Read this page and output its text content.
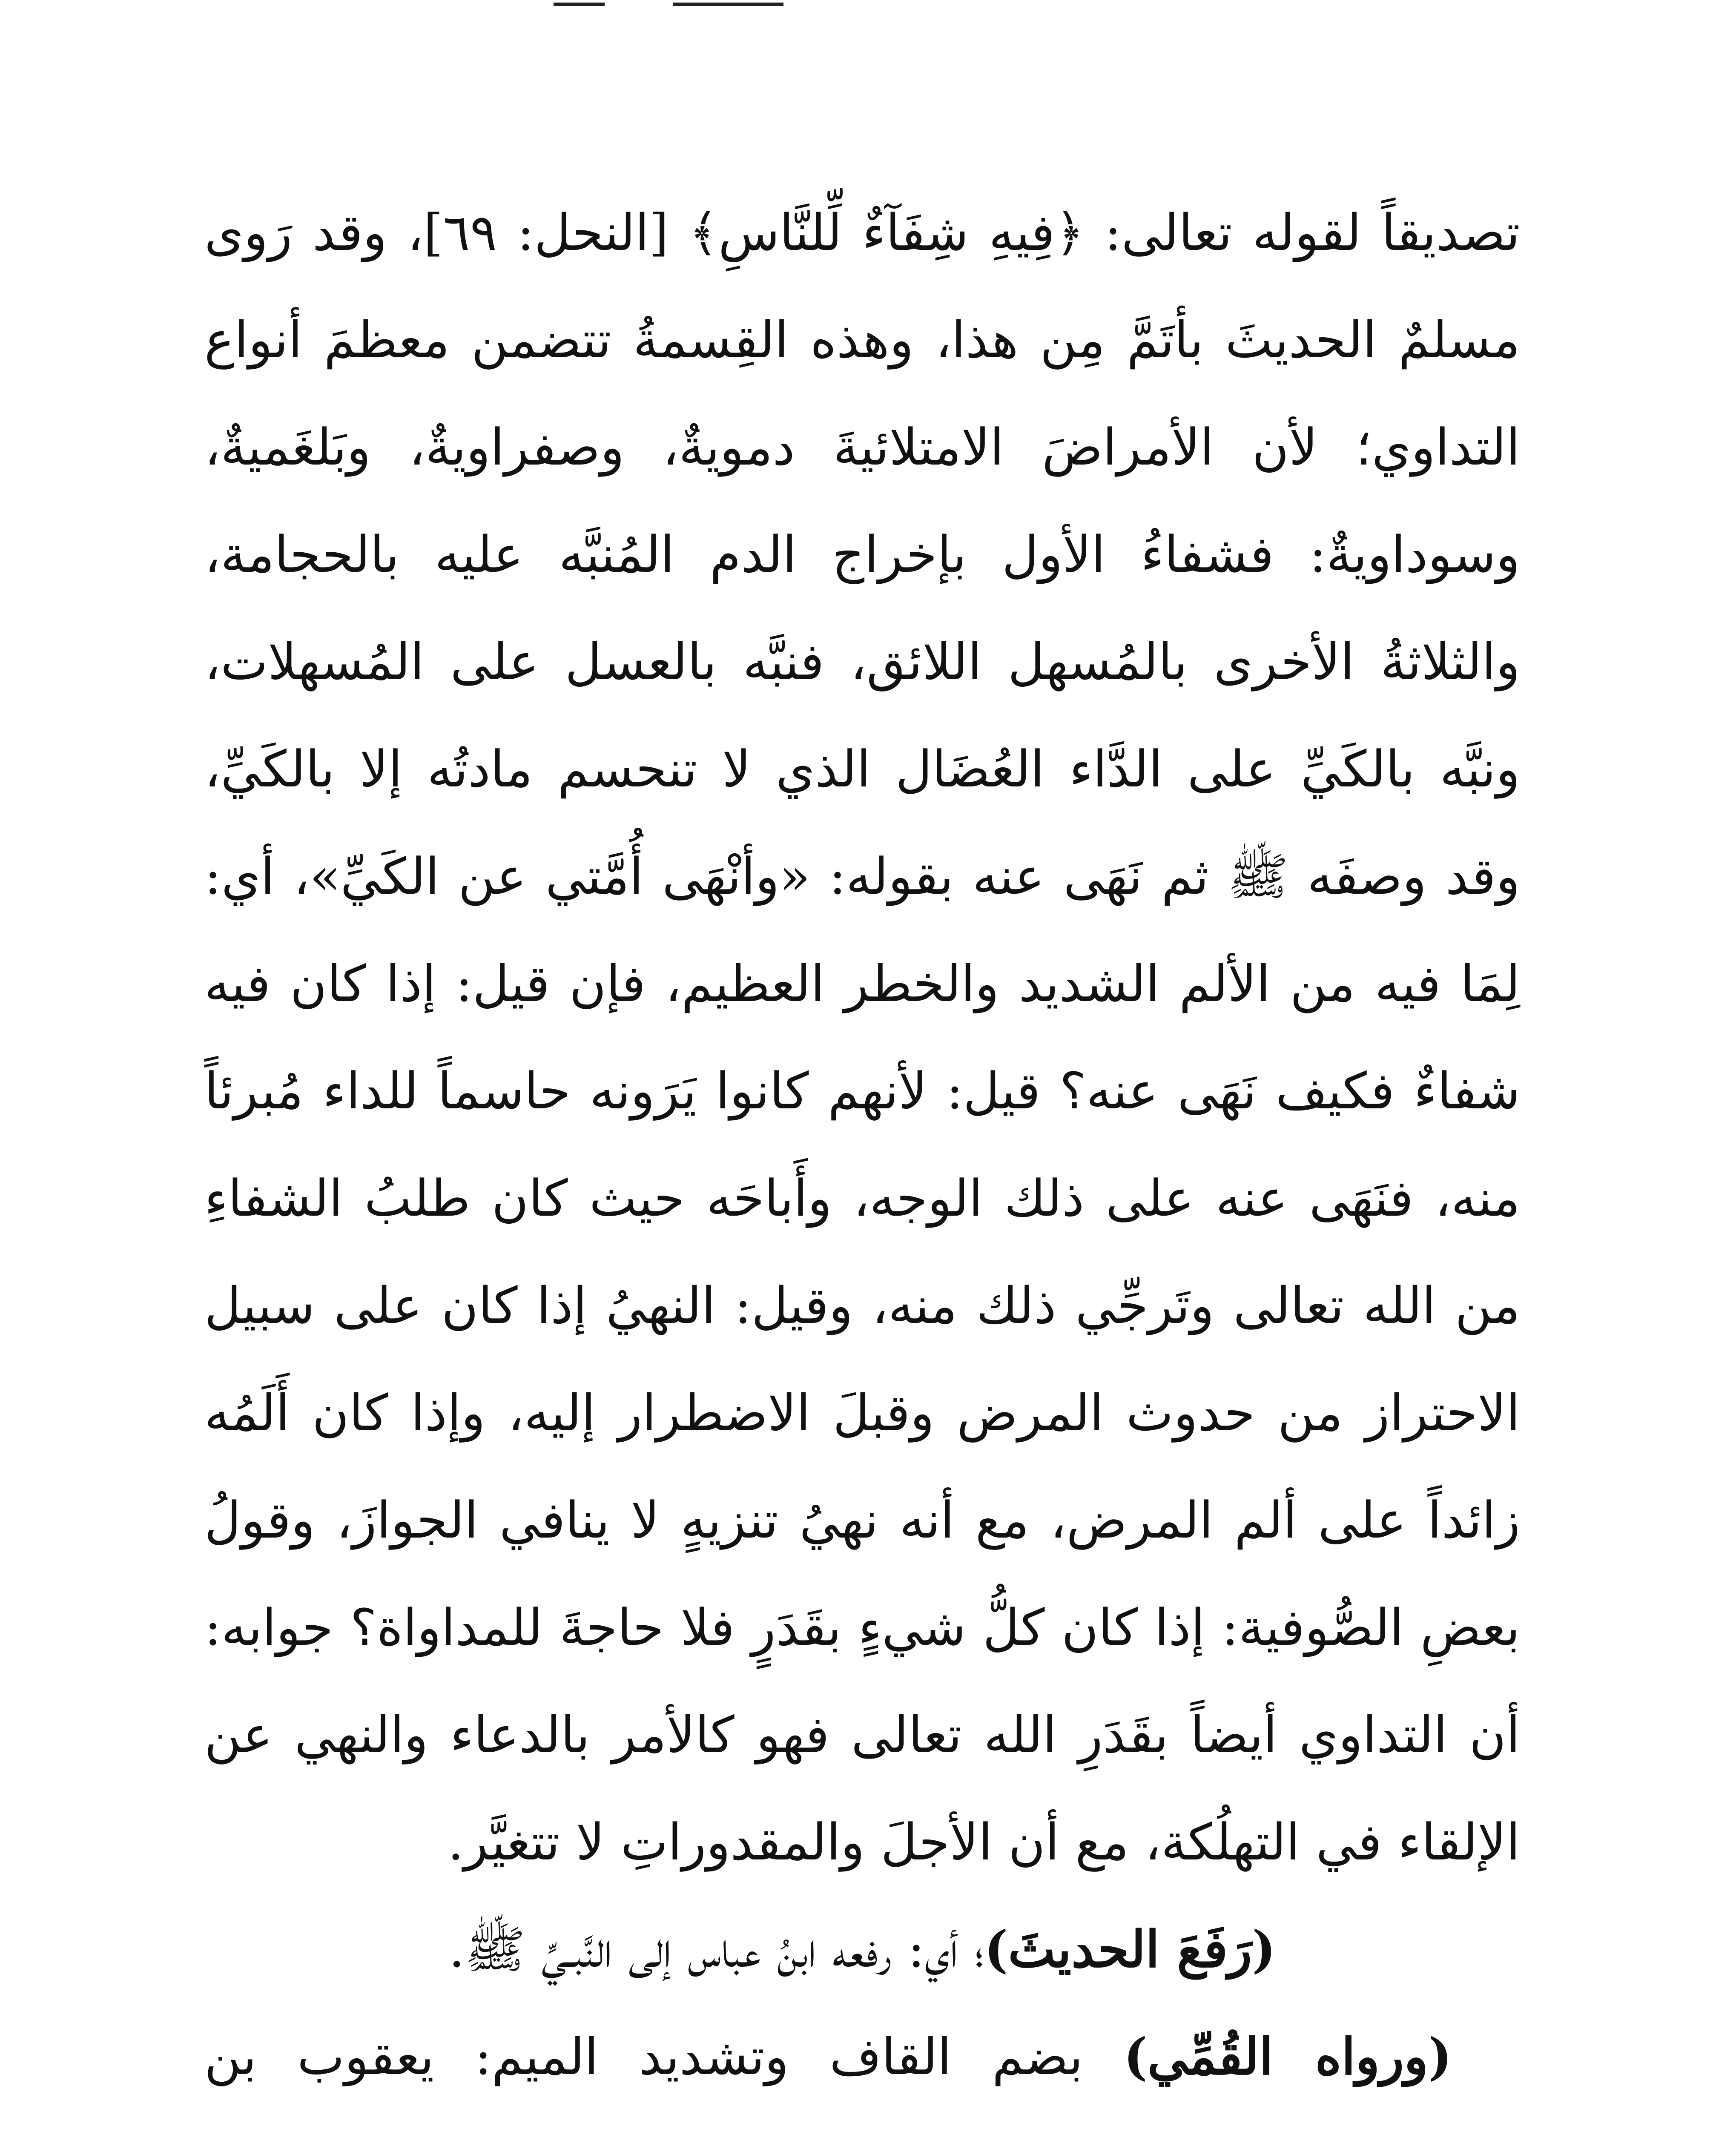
تصديقاً لقوله تعالى: ﴿فِيهِ شِفَآءٌ لِّلنَّاسِ﴾ [النحل: ٦٩]، وقد رَوى مسلمٌ الحديثَ بأتَمَّ مِن هذا، وهذه القِسمةُ تتضمن معظمَ أنواع التداوي؛ لأن الأمراضَ الامتلائيةَ دمويةٌ، وصفراويةٌ، وبَلغَميةٌ، وسوداويةٌ: فشفاءُ الأول بإخراج الدم المُنبَّه عليه بالحجامة، والثلاثةُ الأخرى بالمُسهل اللائق، فنبَّه بالعسل على المُسهلات، ونبَّه بالكَيِّ على الدَّاء العُضَال الذي لا تنحسم مادتُه إلا بالكَيِّ، وقد وصفَه ﷺ ثم نَهَى عنه بقوله: «وأنْهَى أُمَّتي عن الكَيِّ»، أي: لِمَا فيه من الألم الشديد والخطر العظيم، فإن قيل: إذا كان فيه شفاءٌ فكيف نَهَى عنه؟ قيل: لأنهم كانوا يَرَونه حاسماً للداء مُبرئاً منه، فنَهَى عنه على ذلك الوجه، وأَباحَه حيث كان طلبُ الشفاءِ من الله تعالى وتَرجِّي ذلك منه، وقيل: النهيُ إذا كان على سبيل الاحتراز من حدوث المرض وقبلَ الاضطرار إليه، وإذا كان أَلَمُه زائداً على ألم المرض، مع أنه نهيُ تنزيهٍ لا ينافي الجوازَ، وقولُ بعضِ الصُّوفية: إذا كان كلُّ شيءٍ بقَدَرٍ فلا حاجةَ للمداواة؟ جوابه: أن التداوي أيضاً بقَدَرِ الله تعالى فهو كالأمر بالدعاء والنهي عن الإلقاء في التهلُكة، مع أن الأجلَ والمقدوراتِ لا تتغيَّر.

(رَفَعَ الحديثَ)؛ أي: رفعه ابنُ عباس إلى النَّبـيِّ ﷺ.

(ورواه القُمِّي) بضم القاف وتشديد الميم: يعقوب بن
